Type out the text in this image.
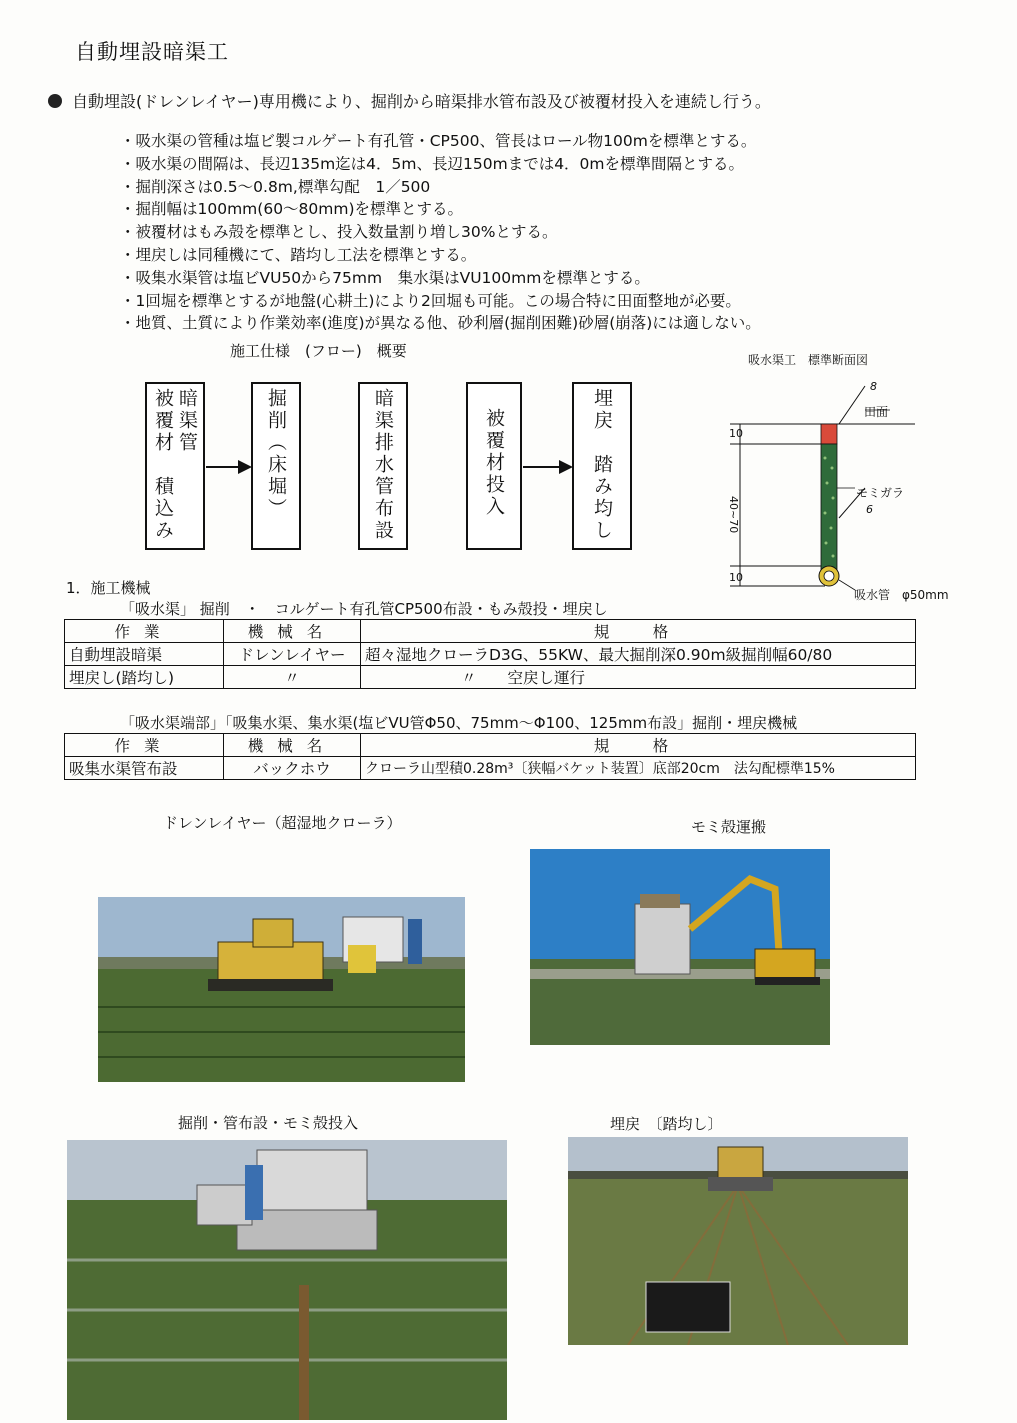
自動埋設暗渠工
自動埋設(ドレンレイヤー)専用機により、掘削から暗渠排水管布設及び被覆材投入を連続し行う。
・吸水渠の管種は塩ビ製コルゲート有孔管・CP500、管長はロール物100mを標準とする。
・吸水渠の間隔は、長辺135m迄は4．5m、長辺150mまでは4．0mを標準間隔とする。
・掘削深さは0.5～0.8m,標準勾配　1／500
・掘削幅は100mm(60～80mm)を標準とする。
・被覆材はもみ殻を標準とし、投入数量割り増し30%とする。
・埋戻しは同種機にて、踏均し工法を標準とする。
・吸集水渠管は塩ビVU50から75mm　集水渠はVU100mmを標準とする。
・1回堀を標準とするが地盤(心耕土)により2回堀も可能。この場合特に田面整地が必要。
・地質、土質により作業効率(進度)が異なる他、砂利層(掘削困難)砂層(崩落)には適しない。
施工仕様　(フロー)　概要
被覆材　積込み 暗渠管	掘削（床堀）	暗渠排水管布設	被覆材投入	埋戻　踏み均し
吸水渠工　標準断面図
田面
モミガラ
吸水管　φ50mm
10
40~70
10
8
6
1．施工機械
「吸水渠」 掘削　・　コルゲート有孔管CP500布設・もみ殻投・埋戻し
作業	機械名	規　格
自動埋設暗渠	ドレンレイヤー	超々湿地クローラD3G、55KW、最大掘削深0.90m級掘削幅60/80
埋戻し(踏均し)	〃	〃　　空戻し運行
「吸水渠端部」「吸集水渠、集水渠(塩ビVU管Φ50、75mm～Φ100、125mm布設」掘削・埋戻機械
作業	機械名	規　格
吸集水渠管布設	バックホウ	クローラ山型積0.28m³〔狭幅バケット装置〕底部20cm　法勾配標準15%
ドレンレイヤー（超湿地クローラ）	モミ殻運搬
掘削・管布設・モミ殻投入	埋戻　〔踏均し〕
